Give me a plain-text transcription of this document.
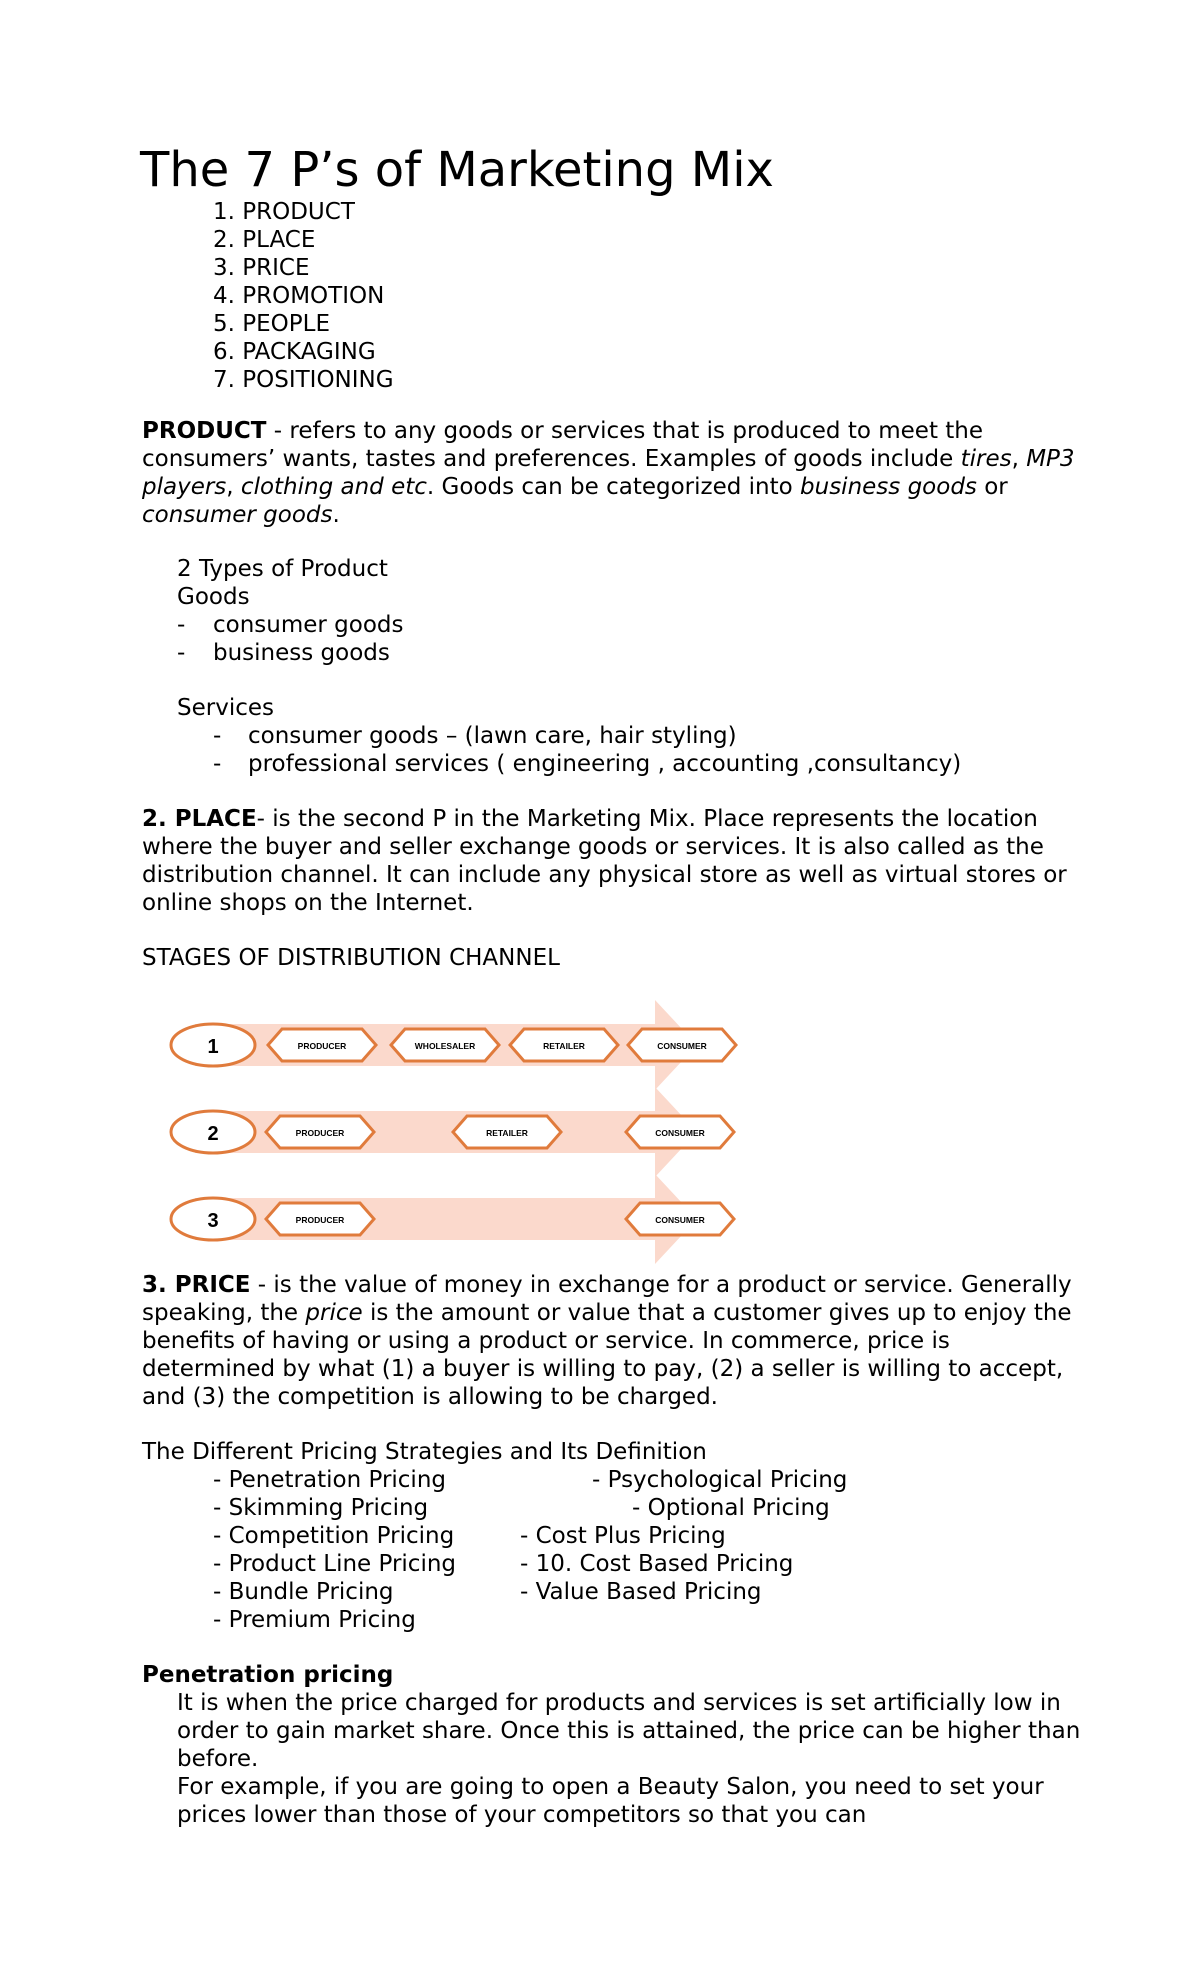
The 7 P’s of Marketing Mix
1. PRODUCT
2. PLACE
3. PRICE
4. PROMOTION
5. PEOPLE
6. PACKAGING
7. POSITIONING
PRODUCT - refers to any goods or services that is produced to meet the consumers’ wants, tastes and preferences. Examples of goods include tires, MP3 players, clothing and etc. Goods can be categorized into business goods or consumer goods.
2 Types of Product
Goods
- consumer goods
- business goods
Services
- consumer goods – (lawn care, hair styling)
- professional services ( engineering , accounting ,consultancy)
2. PLACE- is the second P in the Marketing Mix. Place represents the location where the buyer and seller exchange goods or services. It is also called as the distribution channel. It can include any physical store as well as virtual stores or online shops on the Internet.
STAGES OF DISTRIBUTION CHANNEL
1	PRODUCER	WHOLESALER	RETAILER	CONSUMER
2	PRODUCER	RETAILER	CONSUMER
3	PRODUCER	CONSUMER
3. PRICE - is the value of money in exchange for a product or service. Generally speaking, the price is the amount or value that a customer gives up to enjoy the benefits of having or using a product or service. In commerce, price is determined by what (1) a buyer is willing to pay, (2) a seller is willing to accept, and (3) the competition is allowing to be charged.
The Different Pricing Strategies and Its Definition
- Penetration Pricing
- Skimming Pricing
- Competition Pricing
- Product Line Pricing
- Bundle Pricing
- Premium Pricing
- Psychological Pricing
- Optional Pricing
- Cost Plus Pricing
- 10. Cost Based Pricing
- Value Based Pricing
Penetration pricing
It is when the price charged for products and services is set artificially low in order to gain market share. Once this is attained, the price can be higher than before.
For example, if you are going to open a Beauty Salon, you need to set your prices lower than those of your competitors so that you can
